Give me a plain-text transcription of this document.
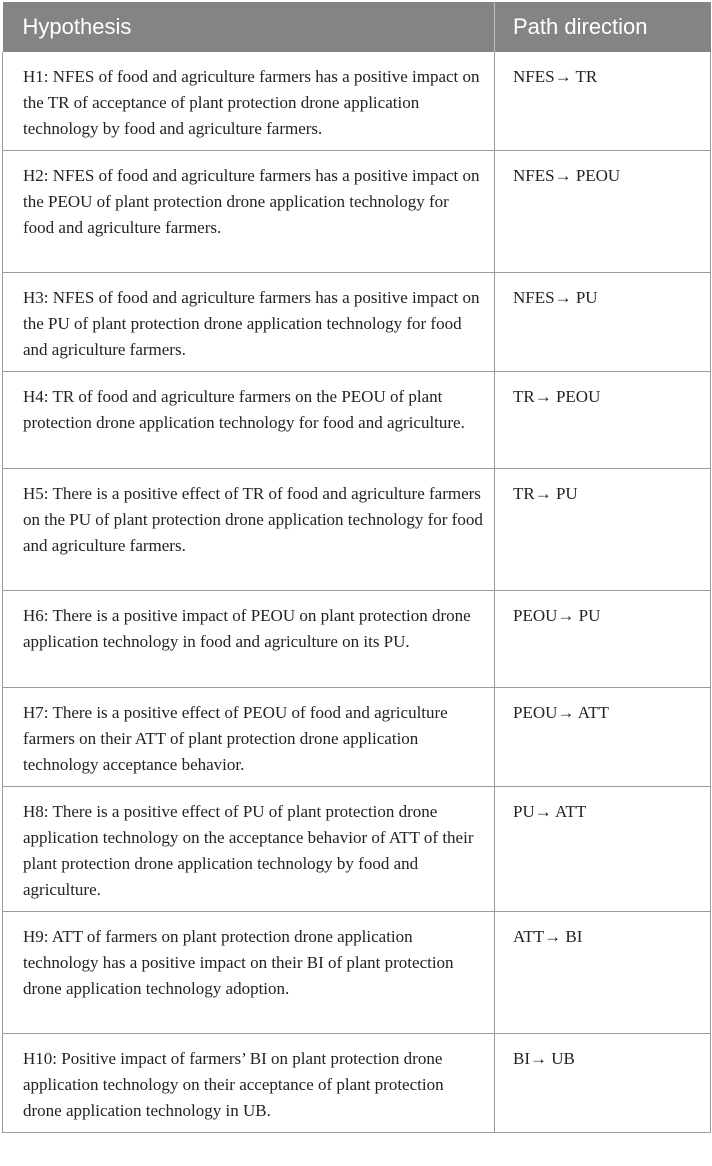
Hypothesis	Path direction
H1: NFES of food and agriculture farmers has a positive impact on the TR of acceptance of plant protection drone application technology by food and agriculture farmers.	NFES→ TR
H2: NFES of food and agriculture farmers has a positive impact on the PEOU of plant protection drone application technology for food and agriculture farmers.	NFES→ PEOU
H3: NFES of food and agriculture farmers has a positive impact on the PU of plant protection drone application technology for food and agriculture farmers.	NFES→ PU
H4: TR of food and agriculture farmers on the PEOU of plant protection drone application technology for food and agriculture.	TR→ PEOU
H5: There is a positive effect of TR of food and agriculture farmers on the PU of plant protection drone application technology for food and agriculture farmers.	TR→ PU
H6: There is a positive impact of PEOU on plant protection drone application technology in food and agriculture on its PU.	PEOU→ PU
H7: There is a positive effect of PEOU of food and agriculture farmers on their ATT of plant protection drone application technology acceptance behavior.	PEOU→ ATT
H8: There is a positive effect of PU of plant protection drone application technology on the acceptance behavior of ATT of their plant protection drone application technology by food and agriculture.	PU→ ATT
H9: ATT of farmers on plant protection drone application technology has a positive impact on their BI of plant protection drone application technology adoption.	ATT→ BI
H10: Positive impact of farmers’ BI on plant protection drone application technology on their acceptance of plant protection drone application technology in UB.	BI→ UB
